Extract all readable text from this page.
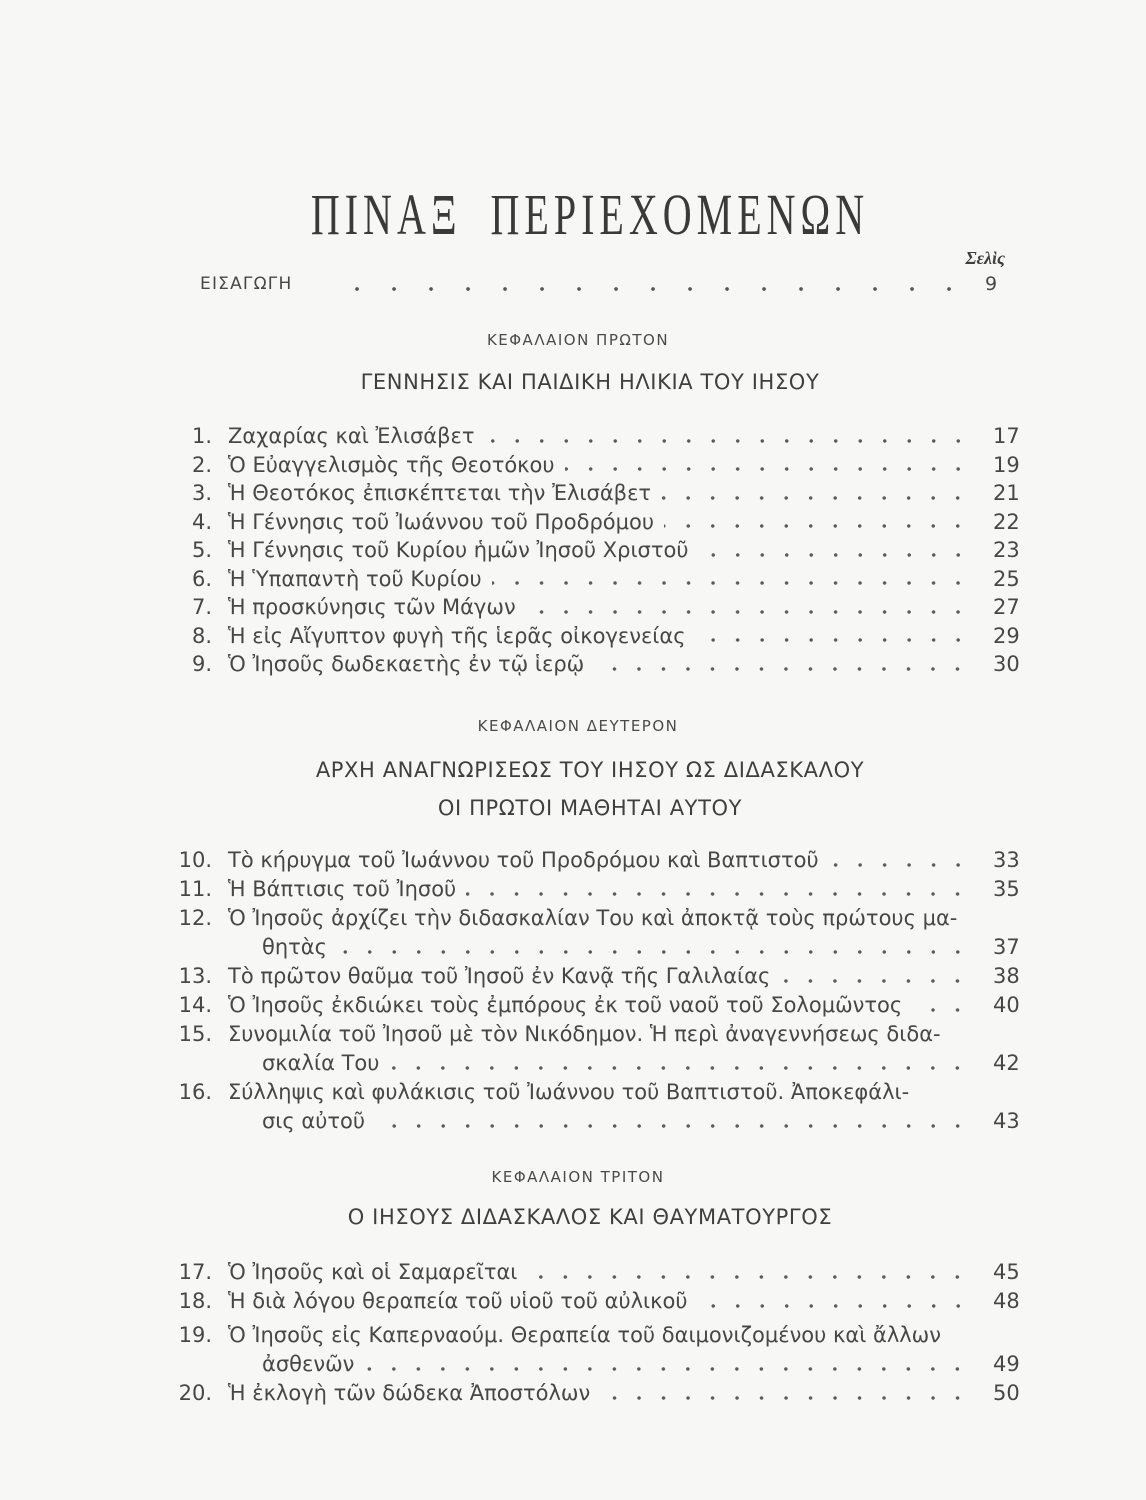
ΠΙΝΑΞ ΠΕΡΙΕΧΟΜΕΝΩΝ
Σελὶς
ΕΙΣΑΓΩΓΗ	9
ΚΕΦΑΛΑΙΟΝ ΠΡΩΤΟΝ
ΓΕΝΝΗΣΙΣ ΚΑΙ ΠΑΙΔΙΚΗ ΗΛΙΚΙΑ ΤΟΥ ΙΗΣΟΥ
1. Ζαχαρίας καὶ Ἐλισάβετ	17
2. Ὁ Εὐαγγελισμὸς τῆς Θεοτόκου	19
3. Ἡ Θεοτόκος ἐπισκέπτεται τὴν Ἐλισάβετ	21
4. Ἡ Γέννησις τοῦ Ἰωάννου τοῦ Προδρόμου	22
5. Ἡ Γέννησις τοῦ Κυρίου ἡμῶν Ἰησοῦ Χριστοῦ	23
6. Ἡ Ὑπαπαντὴ τοῦ Κυρίου	25
7. Ἡ προσκύνησις τῶν Μάγων	27
8. Ἡ εἰς Αἴγυπτον φυγὴ τῆς ἱερᾶς οἰκογενείας	29
9. Ὁ Ἰησοῦς δωδεκαετὴς ἐν τῷ ἱερῷ	30
ΚΕΦΑΛΑΙΟΝ ΔΕΥΤΕΡΟΝ
ΑΡΧΗ ΑΝΑΓΝΩΡΙΣΕΩΣ ΤΟΥ ΙΗΣΟΥ ΩΣ ΔΙΔΑΣΚΑΛΟΥ
ΟΙ ΠΡΩΤΟΙ ΜΑΘΗΤΑΙ ΑΥΤΟΥ
10. Τὸ κήρυγμα τοῦ Ἰωάννου τοῦ Προδρόμου καὶ Βαπτιστοῦ	33
11. Ἡ Βάπτισις τοῦ Ἰησοῦ	35
12. Ὁ Ἰησοῦς ἀρχίζει τὴν διδασκαλίαν Του καὶ ἀποκτᾷ τοὺς πρώτους μα-
θητὰς	37
13. Τὸ πρῶτον θαῦμα τοῦ Ἰησοῦ ἐν Κανᾷ τῆς Γαλιλαίας	38
14. Ὁ Ἰησοῦς ἐκδιώκει τοὺς ἐμπόρους ἐκ τοῦ ναοῦ τοῦ Σολομῶντος	40
15. Συνομιλία τοῦ Ἰησοῦ μὲ τὸν Νικόδημον. Ἡ περὶ ἀναγεννήσεως διδα-
σκαλία Του	42
16. Σύλληψις καὶ φυλάκισις τοῦ Ἰωάννου τοῦ Βαπτιστοῦ. Ἀποκεφάλι-
σις αὐτοῦ	43
ΚΕΦΑΛΑΙΟΝ ΤΡΙΤΟΝ
Ο ΙΗΣΟΥΣ ΔΙΔΑΣΚΑΛΟΣ ΚΑΙ ΘΑΥΜΑΤΟΥΡΓΟΣ
17. Ὁ Ἰησοῦς καὶ οἱ Σαμαρεῖται	45
18. Ἡ διὰ λόγου θεραπεία τοῦ υἱοῦ τοῦ αὐλικοῦ	48
19. Ὁ Ἰησοῦς εἰς Καπερναούμ. Θεραπεία τοῦ δαιμονιζομένου καὶ ἄλλων
ἀσθενῶν	49
20. Ἡ ἐκλογὴ τῶν δώδεκα Ἀποστόλων	50
